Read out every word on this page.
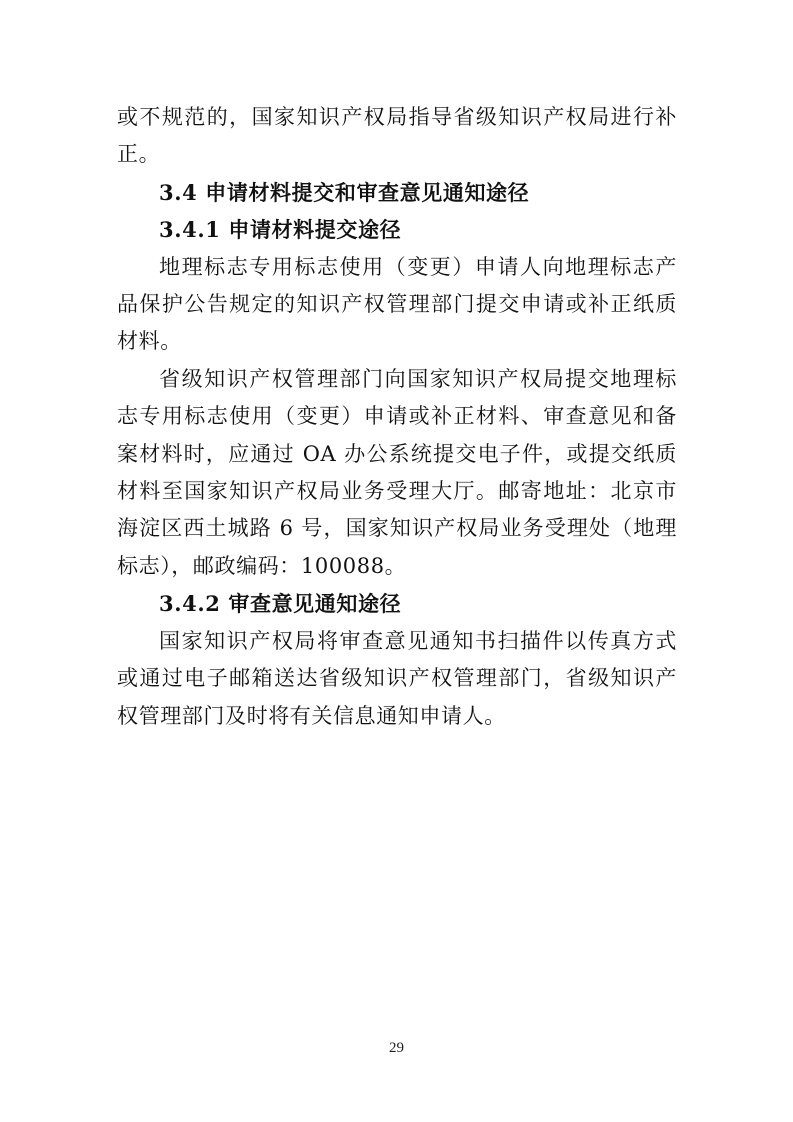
或不规范的，国家知识产权局指导省级知识产权局进行补正。

3.4 申请材料提交和审查意见通知途径
3.4.1 申请材料提交途径

地理标志专用标志使用（变更）申请人向地理标志产品保护公告规定的知识产权管理部门提交申请或补正纸质材料。

省级知识产权管理部门向国家知识产权局提交地理标志专用标志使用（变更）申请或补正材料、审查意见和备案材料时，应通过 OA 办公系统提交电子件，或提交纸质材料至国家知识产权局业务受理大厅。邮寄地址：北京市海淀区西土城路 6 号，国家知识产权局业务受理处（地理标志），邮政编码：100088。

3.4.2 审查意见通知途径

国家知识产权局将审查意见通知书扫描件以传真方式或通过电子邮箱送达省级知识产权管理部门，省级知识产权管理部门及时将有关信息通知申请人。

29
